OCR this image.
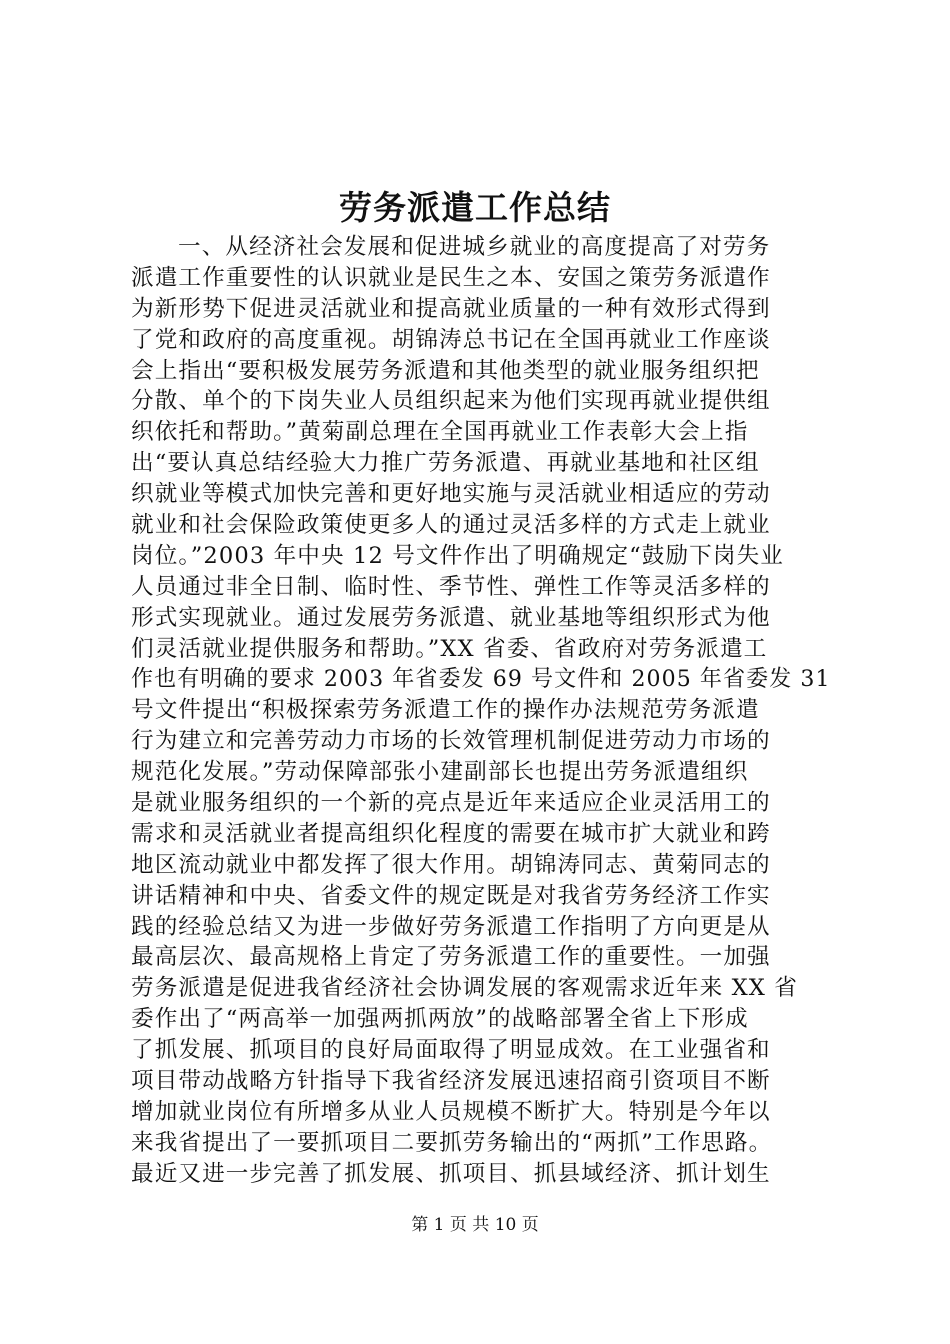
劳务派遣工作总结
一、从经济社会发展和促进城乡就业的高度提高了对劳务
派遣工作重要性的认识就业是民生之本、安国之策劳务派遣作
为新形势下促进灵活就业和提高就业质量的一种有效形式得到
了党和政府的高度重视。胡锦涛总书记在全国再就业工作座谈
会上指出“要积极发展劳务派遣和其他类型的就业服务组织把
分散、单个的下岗失业人员组织起来为他们实现再就业提供组
织依托和帮助。”黄菊副总理在全国再就业工作表彰大会上指
出“要认真总结经验大力推广劳务派遣、再就业基地和社区组
织就业等模式加快完善和更好地实施与灵活就业相适应的劳动
就业和社会保险政策使更多人的通过灵活多样的方式走上就业
岗位。”2003 年中央 12 号文件作出了明确规定“鼓励下岗失业
人员通过非全日制、临时性、季节性、弹性工作等灵活多样的
形式实现就业。通过发展劳务派遣、就业基地等组织形式为他
们灵活就业提供服务和帮助。”XX 省委、省政府对劳务派遣工
作也有明确的要求 2003 年省委发 69 号文件和 2005 年省委发 31
号文件提出“积极探索劳务派遣工作的操作办法规范劳务派遣
行为建立和完善劳动力市场的长效管理机制促进劳动力市场的
规范化发展。”劳动保障部张小建副部长也提出劳务派遣组织
是就业服务组织的一个新的亮点是近年来适应企业灵活用工的
需求和灵活就业者提高组织化程度的需要在城市扩大就业和跨
地区流动就业中都发挥了很大作用。胡锦涛同志、黄菊同志的
讲话精神和中央、省委文件的规定既是对我省劳务经济工作实
践的经验总结又为进一步做好劳务派遣工作指明了方向更是从
最高层次、最高规格上肯定了劳务派遣工作的重要性。一加强
劳务派遣是促进我省经济社会协调发展的客观需求近年来 XX 省
委作出了“两高举一加强两抓两放”的战略部署全省上下形成
了抓发展、抓项目的良好局面取得了明显成效。在工业强省和
项目带动战略方针指导下我省经济发展迅速招商引资项目不断
增加就业岗位有所增多从业人员规模不断扩大。特别是今年以
来我省提出了一要抓项目二要抓劳务输出的“两抓”工作思路。
最近又进一步完善了抓发展、抓项目、抓县域经济、抓计划生
第 1 页 共 10 页
